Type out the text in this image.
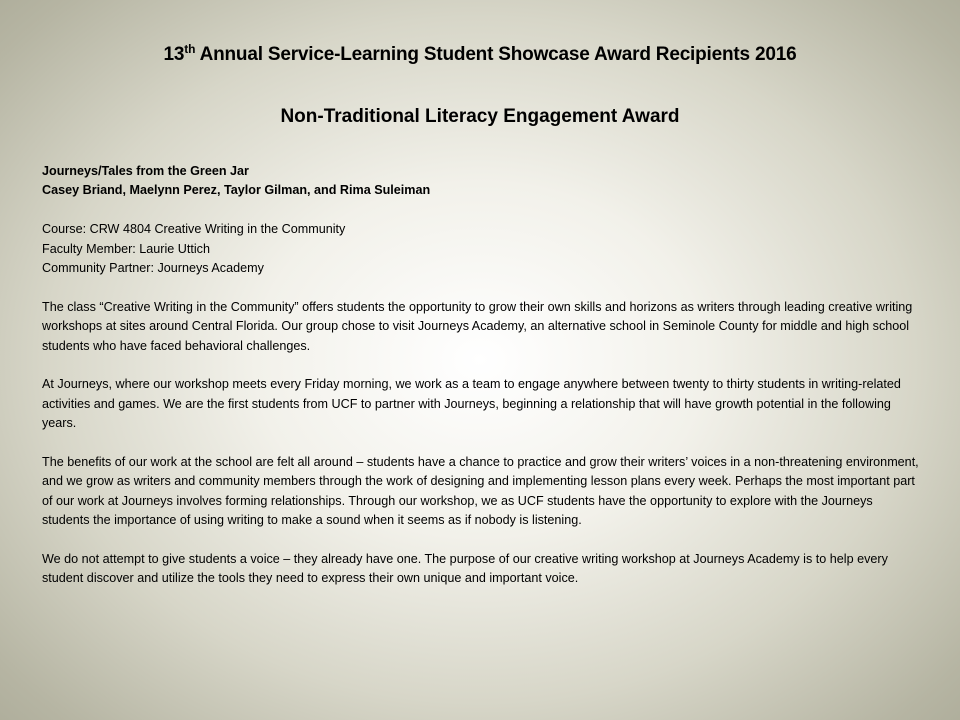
13th Annual Service-Learning Student Showcase Award Recipients 2016
Non-Traditional Literacy Engagement Award
Journeys/Tales from the Green Jar
Casey Briand, Maelynn Perez, Taylor Gilman, and Rima Suleiman
Course: CRW 4804 Creative Writing in the Community
Faculty Member: Laurie Uttich
Community Partner: Journeys Academy

The class “Creative Writing in the Community” offers students the opportunity to grow their own skills and horizons as writers through leading creative writing workshops at sites around Central Florida. Our group chose to visit Journeys Academy, an alternative school in Seminole County for middle and high school students who have faced behavioral challenges.

At Journeys, where our workshop meets every Friday morning, we work as a team to engage anywhere between twenty to thirty students in writing-related activities and games. We are the first students from UCF to partner with Journeys, beginning a relationship that will have growth potential in the following years.

The benefits of our work at the school are felt all around – students have a chance to practice and grow their writers’ voices in a non-threatening environment, and we grow as writers and community members through the work of designing and implementing lesson plans every week. Perhaps the most important part of our work at Journeys involves forming relationships. Through our workshop, we as UCF students have the opportunity to explore with the Journeys students the importance of using writing to make a sound when it seems as if nobody is listening.

We do not attempt to give students a voice – they already have one. The purpose of our creative writing workshop at Journeys Academy is to help every student discover and utilize the tools they need to express their own unique and important voice.
